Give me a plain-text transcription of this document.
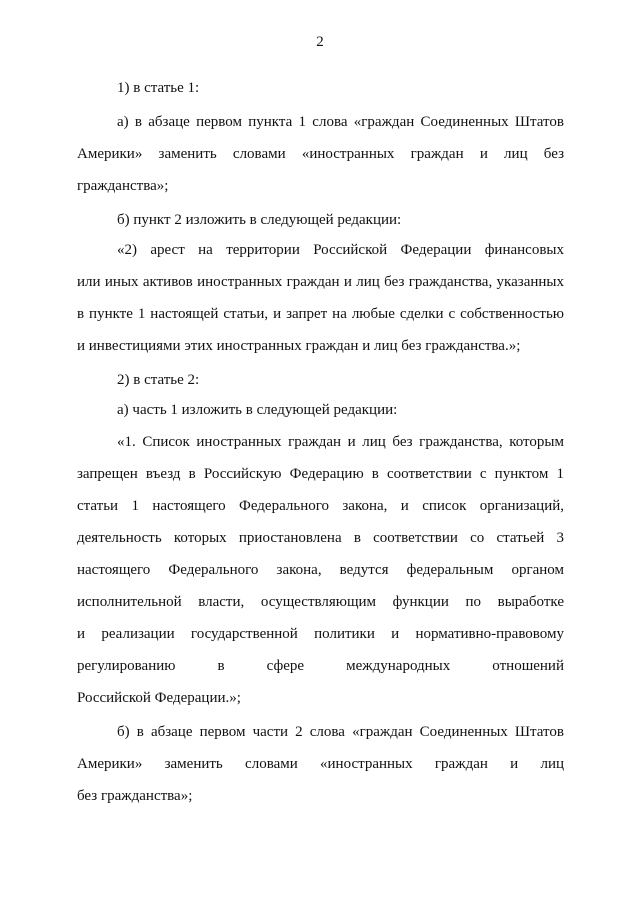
2
1) в статье 1:
а) в абзаце первом пункта 1 слова «граждан Соединенных Штатов
Америки» заменить словами «иностранных граждан и лиц без
гражданства»;
б) пункт 2 изложить в следующей редакции:
«2) арест на территории Российской Федерации финансовых
или иных активов иностранных граждан и лиц без гражданства, указанных
в пункте 1 настоящей статьи, и запрет на любые сделки с собственностью
и инвестициями этих иностранных граждан и лиц без гражданства.»;
2) в статье 2:
а) часть 1 изложить в следующей редакции:
«1. Список иностранных граждан и лиц без гражданства, которым
запрещен въезд в Российскую Федерацию в соответствии с пунктом 1
статьи 1 настоящего Федерального закона, и список организаций,
деятельность которых приостановлена в соответствии со статьей 3
настоящего Федерального закона, ведутся федеральным органом
исполнительной власти, осуществляющим функции по выработке
и реализации государственной политики и нормативно-правовому
регулированию в сфере международных отношений
Российской Федерации.»;
б) в абзаце первом части 2 слова «граждан Соединенных Штатов
Америки» заменить словами «иностранных граждан и лиц
без гражданства»;
